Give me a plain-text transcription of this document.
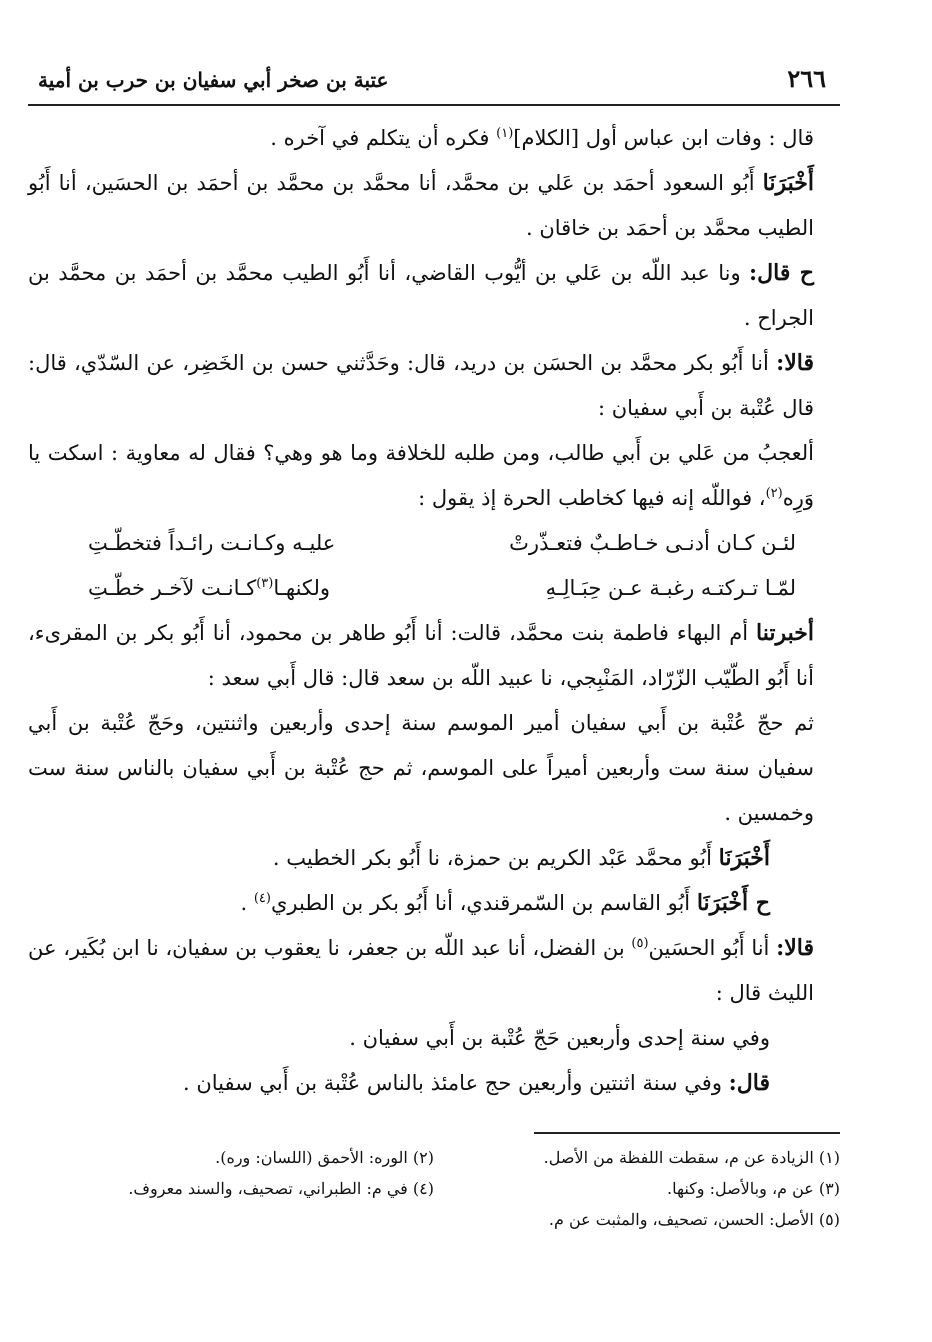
٢٦٦
عتبة بن صخر أبي سفيان بن حرب بن أمية

قال : وفات ابن عباس أول [الكلام]$^{(١)}$ فكره أن يتكلم في آخره .

أَخْبَرَنَا أَبُو السعود أحمَد بن عَلي بن محمَّد، أنا محمَّد بن محمَّد بن أحمَد بن الحسَين، أنا أَبُو الطيب محمَّد بن أحمَد بن خاقان .

ح قال: ونا عبد اللّه بن عَلي بن أيُّوب القاضي، أنا أَبُو الطيب محمَّد بن أحمَد بن محمَّد بن الجراح .

قالا: أنا أَبُو بكر محمَّد بن الحسَن بن دريد، قال: وحَدَّثني حسن بن الخَضِر، عن السّدّي، قال: قال عُتْبة بن أَبي سفيان :

ألعجبُ من عَلي بن أَبي طالب، ومن طلبه للخلافة وما هو وهي؟ فقال له معاوية : اسكت يا وَرِه$^{(٢)}$، فواللّه إنه فيها كخاطب الحرة إذ يقول :

لئـن كـان أدنـى خـاطـبٌ فتعـذّرتْ
عليـه وكـانـت رائـداً فتخطّـتِ
لمّـا تـركتـه رغبـة عـن حِبَـالِـهِ
ولكنهـا$^{(٣)}$كـانـت لآخـر خطّـتِ

أخبرتنا أم البهاء فاطمة بنت محمَّد، قالت: أنا أَبُو طاهر بن محمود، أنا أَبُو بكر بن المقرىء، أنا أَبُو الطّيّب الزّرّاد، المَنْبِجي، نا عبيد اللّه بن سعد قال: قال أَبي سعد :

ثم حجّ عُتْبة بن أَبي سفيان أمير الموسم سنة إحدى وأربعين واثنتين، وحَجّ عُتْبة بن أَبي سفيان سنة ست وأربعين أميراً على الموسم، ثم حج عُتْبة بن أَبي سفيان بالناس سنة ست وخمسين .

أَخْبَرَنَا أَبُو محمَّد عَبْد الكريم بن حمزة، نا أَبُو بكر الخطيب .

ح أَخْبَرَنَا أَبُو القاسم بن السّمرقندي، أنا أَبُو بكر بن الطبري$^{(٤)}$ .

قالا: أنا أَبُو الحسَين$^{(٥)}$ بن الفضل، أنا عبد اللّه بن جعفر، نا يعقوب بن سفيان، نا ابن بُكَير، عن الليث قال :

وفي سنة إحدى وأربعين حَجّ عُتْبة بن أَبي سفيان .

قال: وفي سنة اثنتين وأربعين حج عامئذ بالناس عُتْبة بن أَبي سفيان .

(١) الزيادة عن م، سقطت اللفظة من الأصل.
(٢) الوره: الأحمق (اللسان: وره).
(٣) عن م، وبالأصل: وكنها.
(٤) في م: الطبراني، تصحيف، والسند معروف.
(٥) الأصل: الحسن، تصحيف، والمثبت عن م.
